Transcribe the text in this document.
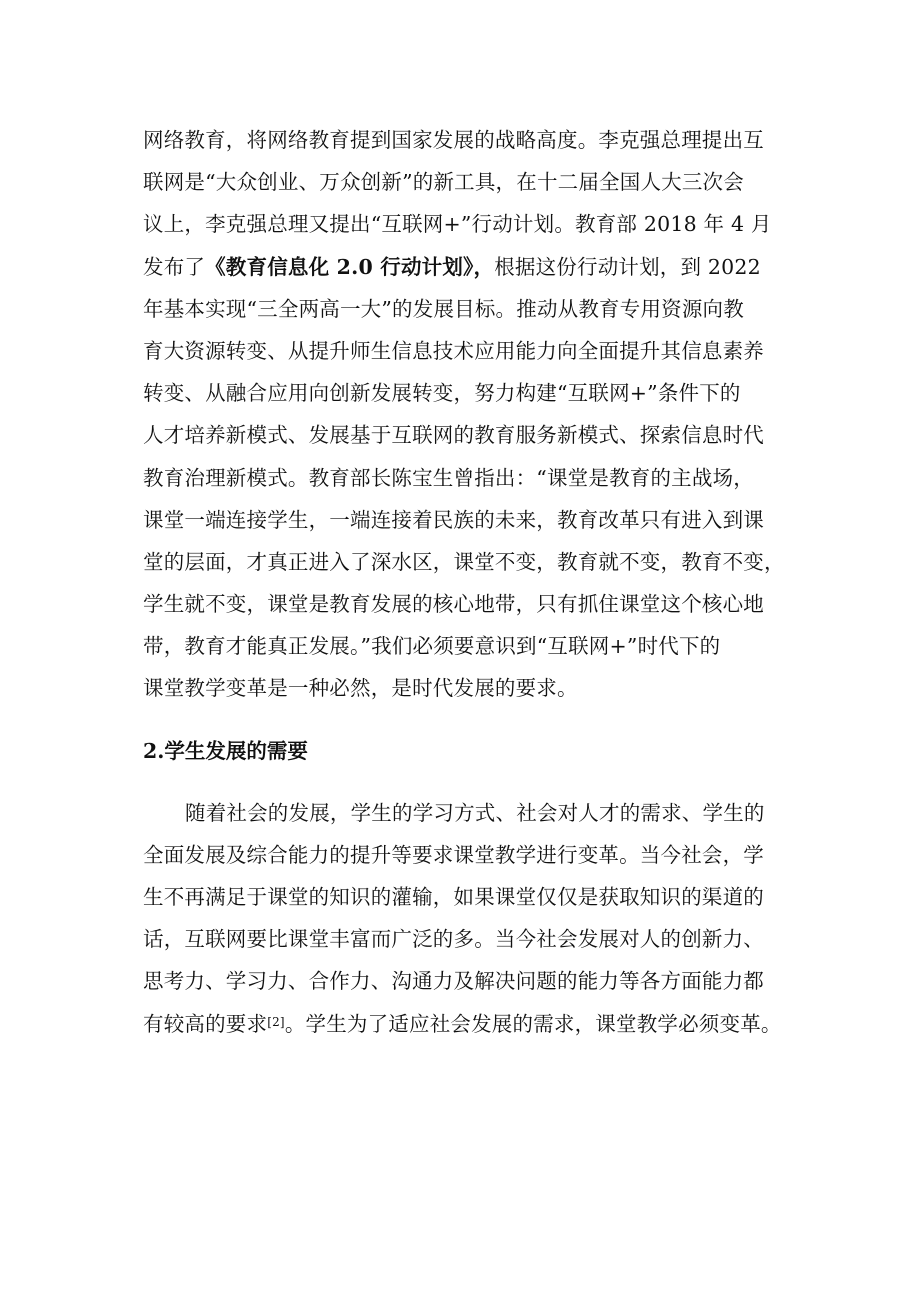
网络教育，将网络教育提到国家发展的战略高度。李克强总理提出互
联网是“大众创业、万众创新”的新工具，在十二届全国人大三次会
议上，李克强总理又提出“互联网+”行动计划。教育部 2018 年 4 月
发布了《教育信息化 2.0 行动计划》，根据这份行动计划，到 2022
年基本实现“三全两高一大”的发展目标。推动从教育专用资源向教
育大资源转变、从提升师生信息技术应用能力向全面提升其信息素养
转变、从融合应用向创新发展转变，努力构建“互联网+”条件下的
人才培养新模式、发展基于互联网的教育服务新模式、探索信息时代
教育治理新模式。教育部长陈宝生曾指出：“课堂是教育的主战场，
课堂一端连接学生，一端连接着民族的未来，教育改革只有进入到课
堂的层面，才真正进入了深水区，课堂不变，教育就不变，教育不变，
学生就不变，课堂是教育发展的核心地带，只有抓住课堂这个核心地
带，教育才能真正发展。”我们必须要意识到“互联网+”时代下的
课堂教学变革是一种必然，是时代发展的要求。
2.学生发展的需要
随着社会的发展，学生的学习方式、社会对人才的需求、学生的
全面发展及综合能力的提升等要求课堂教学进行变革。当今社会，学
生不再满足于课堂的知识的灌输，如果课堂仅仅是获取知识的渠道的
话，互联网要比课堂丰富而广泛的多。当今社会发展对人的创新力、
思考力、学习力、合作力、沟通力及解决问题的能力等各方面能力都
有较高的要求[2]。学生为了适应社会发展的需求，课堂教学必须变革。
